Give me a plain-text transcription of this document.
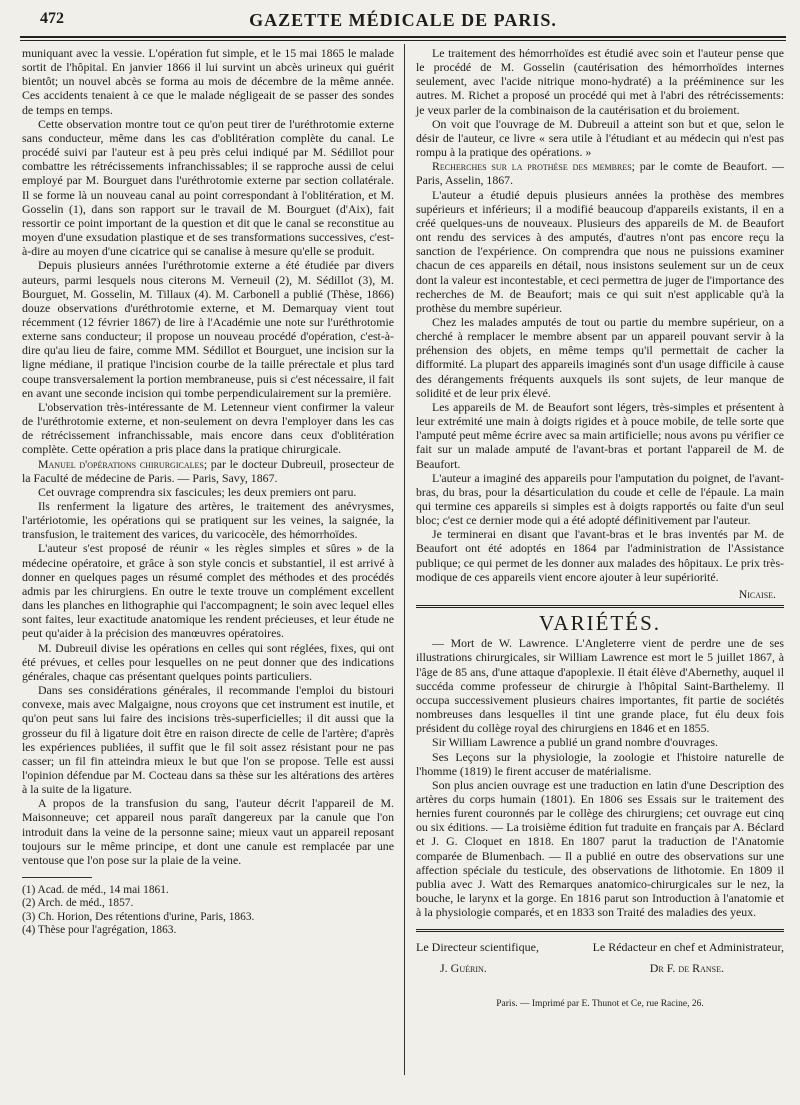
472	GAZETTE MÉDICALE DE PARIS.

muniquant avec la vessie. L'opération fut simple, et le 15 mai 1865 le malade sortit de l'hôpital. En janvier 1866 il lui survint un abcès urineux qui guérit bientôt; un nouvel abcès se forma au mois de décembre de la même année. Ces accidents tenaient à ce que le malade négligeait de se passer des sondes de temps en temps.

Cette observation montre tout ce qu'on peut tirer de l'uréthrotomie externe sans conducteur, même dans les cas d'oblitération complète du canal. Le procédé suivi par l'auteur est à peu près celui indiqué par M. Sédillot pour combattre les rétrécissements infranchissables; il se rapproche aussi de celui employé par M. Bourguet dans l'uréthrotomie externe par section collatérale. Il se forme là un nouveau canal au point correspondant à l'oblitération, et M. Gosselin (1), dans son rapport sur le travail de M. Bourguet (d'Aix), fait ressortir ce point important de la question et dit que le canal se reconstitue au moyen d'une exsudation plastique et de ses transformations successives, c'est-à-dire au moyen d'une cicatrice qui se canalise à mesure qu'elle se produit.

Depuis plusieurs années l'uréthrotomie externe a été étudiée par divers auteurs, parmi lesquels nous citerons M. Verneuil (2), M. Sédillot (3), M. Bourguet, M. Gosselin, M. Tillaux (4). M. Carbonell a publié (Thèse, 1866) douze observations d'uréthrotomie externe, et M. Demarquay vient tout récemment (12 février 1867) de lire à l'Académie une note sur l'uréthrotomie externe sans conducteur; il propose un nouveau procédé d'opération, c'est-à-dire qu'au lieu de faire, comme MM. Sédillot et Bourguet, une incision sur la ligne médiane, il pratique l'incision courbe de la taille prérectale et plus tard coupe transversalement la portion membraneuse, puis si c'est nécessaire, il fait en avant une seconde incision qui tombe perpendiculairement sur la première.

L'observation très-intéressante de M. Letenneur vient confirmer la valeur de l'uréthrotomie externe, et non-seulement on devra l'employer dans les cas de rétrécissement infranchissable, mais encore dans ceux d'oblitération complète. Cette opération a pris place dans la pratique chirurgicale.

Manuel d'opérations chirurgicales; par le docteur Dubreuil, prosecteur de la Faculté de médecine de Paris. — Paris, Savy, 1867.

Cet ouvrage comprendra six fascicules; les deux premiers ont paru.

Ils renferment la ligature des artères, le traitement des anévrysmes, l'artériotomie, les opérations qui se pratiquent sur les veines, la saignée, la transfusion, le traitement des varices, du varicocèle, des hémorrhoïdes.

L'auteur s'est proposé de réunir « les règles simples et sûres » de la médecine opératoire, et grâce à son style concis et substantiel, il est arrivé à donner en quelques pages un résumé complet des méthodes et des procédés admis par les chirurgiens. En outre le texte trouve un complément excellent dans les planches en lithographie qui l'accompagnent; le soin avec lequel elles sont faites, leur exactitude anatomique les rendent précieuses, et leur étude ne peut qu'aider à la précision des manœuvres opératoires.

M. Dubreuil divise les opérations en celles qui sont réglées, fixes, qui ont été prévues, et celles pour lesquelles on ne peut donner que des indications générales, chaque cas présentant quelques points particuliers.

Dans ses considérations générales, il recommande l'emploi du bistouri convexe, mais avec Malgaigne, nous croyons que cet instrument est inutile, et qu'on peut sans lui faire des incisions très-superficielles; il dit aussi que la grosseur du fil à ligature doit être en raison directe de celle de l'artère; d'après les expériences publiées, il suffit que le fil soit assez résistant pour ne pas casser; un fil fin atteindra mieux le but que l'on se propose. Telle est aussi l'opinion défendue par M. Cocteau dans sa thèse sur les altérations des artères à la suite de la ligature.

A propos de la transfusion du sang, l'auteur décrit l'appareil de M. Maisonneuve; cet appareil nous paraît dangereux par la canule que l'on introduit dans la veine de la personne saine; mieux vaut un appareil reposant toujours sur le même principe, et dont une canule est remplacée par une ventouse que l'on pose sur la plaie de la veine.

(1) Acad. de méd., 14 mai 1861.

(2) Arch. de méd., 1857.

(3) Ch. Horion, Des rétentions d'urine, Paris, 1863.

(4) Thèse pour l'agrégation, 1863.

Le traitement des hémorrhoïdes est étudié avec soin et l'auteur pense que le procédé de M. Gosselin (cautérisation des hémorrhoïdes internes seulement, avec l'acide nitrique mono-hydraté) a la prééminence sur les autres. M. Richet a proposé un procédé qui met à l'abri des rétrécissements: je veux parler de la combinaison de la cautérisation et du broiement.

On voit que l'ouvrage de M. Dubreuil a atteint son but et que, selon le désir de l'auteur, ce livre « sera utile à l'étudiant et au médecin qui n'est pas rompu à la pratique des opérations. »

Recherches sur la prothèse des membres; par le comte de Beaufort. — Paris, Asselin, 1867.

L'auteur a étudié depuis plusieurs années la prothèse des membres supérieurs et inférieurs; il a modifié beaucoup d'appareils existants, il en a créé quelques-uns de nouveaux. Plusieurs des appareils de M. de Beaufort ont rendu des services à des amputés, d'autres n'ont pas encore reçu la sanction de l'expérience. On comprendra que nous ne puissions examiner chacun de ces appareils en détail, nous insistons seulement sur un de ceux dont la valeur est incontestable, et ceci permettra de juger de l'importance des recherches de M. de Beaufort; mais ce qui suit n'est applicable qu'à la prothèse du membre supérieur.

Chez les malades amputés de tout ou partie du membre supérieur, on a cherché à remplacer le membre absent par un appareil pouvant servir à la préhension des objets, en même temps qu'il permettait de cacher la difformité. La plupart des appareils imaginés sont d'un usage difficile à cause des dérangements fréquents auxquels ils sont sujets, de leur manque de solidité et de leur prix élevé.

Les appareils de M. de Beaufort sont légers, très-simples et présentent à leur extrémité une main à doigts rigides et à pouce mobile, de telle sorte que l'amputé peut même écrire avec sa main artificielle; nous avons pu vérifier ce fait sur un malade amputé de l'avant-bras et portant l'appareil de M. de Beaufort.

L'auteur a imaginé des appareils pour l'amputation du poignet, de l'avant-bras, du bras, pour la désarticulation du coude et celle de l'épaule. La main qui termine ces appareils si simples est à doigts rapportés ou faite d'un seul bloc; c'est ce dernier mode qui a été adopté définitivement par l'auteur.

Je terminerai en disant que l'avant-bras et le bras inventés par M. de Beaufort ont été adoptés en 1864 par l'administration de l'Assistance publique; ce qui permet de les donner aux malades des hôpitaux. Le prix très-modique de ces appareils vient encore ajouter à leur supériorité.

Nicaise.

VARIÉTÉS.

— Mort de W. Lawrence. L'Angleterre vient de perdre une de ses illustrations chirurgicales, sir William Lawrence est mort le 5 juillet 1867, à l'âge de 85 ans, d'une attaque d'apoplexie. Il était élève d'Abernethy, auquel il succéda comme professeur de chirurgie à l'hôpital Saint-Barthelemy. Il occupa successivement plusieurs chaires importantes, fit partie de sociétés nombreuses dans lesquelles il tint une grande place, fut élu deux fois président du collège royal des chirurgiens en 1846 et en 1855.

Sir William Lawrence a publié un grand nombre d'ouvrages.

Ses Leçons sur la physiologie, la zoologie et l'histoire naturelle de l'homme (1819) le firent accuser de matérialisme.

Son plus ancien ouvrage est une traduction en latin d'une Description des artères du corps humain (1801). En 1806 ses Essais sur le traitement des hernies furent couronnés par le collège des chirurgiens; cet ouvrage eut cinq ou six éditions. — La troisième édition fut traduite en français par A. Béclard et J. G. Cloquet en 1818. En 1807 parut la traduction de l'Anatomie comparée de Blumenbach. — Il a publié en outre des observations sur une affection spéciale du testicule, des observations de lithotomie. En 1809 il publia avec J. Watt des Remarques anatomico-chirurgicales sur le nez, la bouche, le larynx et la gorge. En 1816 parut son Introduction à l'anatomie et à la physiologie comparés, et en 1833 son Traité des maladies des yeux.

Le Directeur scientifique,	Le Rédacteur en chef et Administrateur,
J. Guérin.	Dr F. de Ranse.
Paris. — Imprimé par E. Thunot et Ce, rue Racine, 26.
